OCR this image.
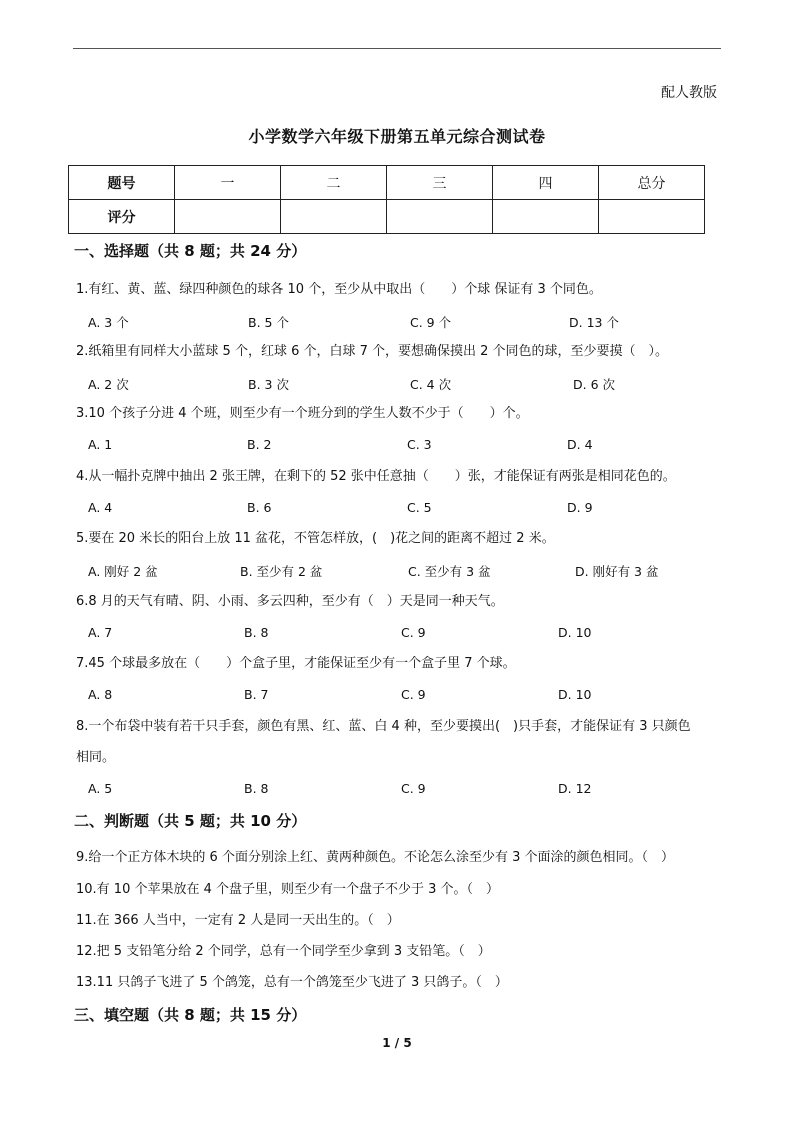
配人教版
小学数学六年级下册第五单元综合测试卷
题号	一	二	三	四	总分
评分					
一、选择题（共 8 题；共 24 分）
1.有红、黄、蓝、绿四种颜色的球各 10 个，至少从中取出（　　）个球 保证有 3 个同色。
A. 3 个	B. 5 个	C. 9 个	D. 13 个
2.纸箱里有同样大小蓝球 5 个，红球 6 个，白球 7 个，要想确保摸出 2 个同色的球，至少要摸（　）。
A. 2 次	B. 3 次	C. 4 次	D. 6 次
3.10 个孩子分进 4 个班，则至少有一个班分到的学生人数不少于（　　）个。
A. 1	B. 2	C. 3	D. 4
4.从一幅扑克牌中抽出 2 张王牌，在剩下的 52 张中任意抽（　　）张，才能保证有两张是相同花色的。
A. 4	B. 6	C. 5	D. 9
5.要在 20 米长的阳台上放 11 盆花，不管怎样放，(　)花之间的距离不超过 2 米。
A. 刚好 2 盆	B. 至少有 2 盆	C. 至少有 3 盆	D. 刚好有 3 盆
6.8 月的天气有晴、阴、小雨、多云四种，至少有（　）天是同一种天气。
A. 7	B. 8	C. 9	D. 10
7.45 个球最多放在（　　）个盒子里，才能保证至少有一个盒子里 7 个球。
A. 8	B. 7	C. 9	D. 10
8.一个布袋中装有若干只手套，颜色有黑、红、蓝、白 4 种，至少要摸出(　)只手套，才能保证有 3 只颜色
相同。
A. 5	B. 8	C. 9	D. 12
二、判断题（共 5 题；共 10 分）
9.给一个正方体木块的 6 个面分别涂上红、黄两种颜色。不论怎么涂至少有 3 个面涂的颜色相同。（　）
10.有 10 个苹果放在 4 个盘子里，则至少有一个盘子不少于 3 个。（　）
11.在 366 人当中，一定有 2 人是同一天出生的。（　）
12.把 5 支铅笔分给 2 个同学，总有一个同学至少拿到 3 支铅笔。（　）
13.11 只鸽子飞进了 5 个鸽笼，总有一个鸽笼至少飞进了 3 只鸽子。（　）
三、填空题（共 8 题；共 15 分）
1 / 5
